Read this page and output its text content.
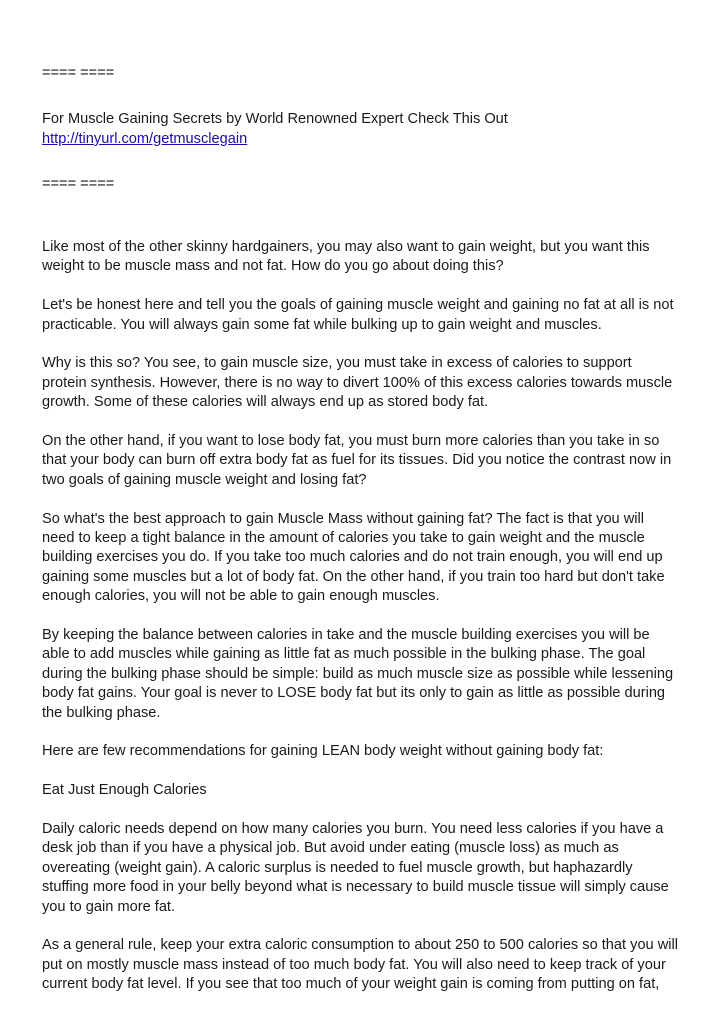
==== ====

For Muscle Gaining Secrets by World Renowned Expert Check This Out

http://tinyurl.com/getmusclegain

==== ====

Like most of the other skinny hardgainers, you may also want to gain weight, but you want this
weight to be muscle mass and not fat. How do you go about doing this?
Let's be honest here and tell you the goals of gaining muscle weight and gaining no fat at all is not
practicable. You will always gain some fat while bulking up to gain weight and muscles.
Why is this so? You see, to gain muscle size, you must take in excess of calories to support
protein synthesis. However, there is no way to divert 100% of this excess calories towards muscle
growth. Some of these calories will always end up as stored body fat.
On the other hand, if you want to lose body fat, you must burn more calories than you take in so
that your body can burn off extra body fat as fuel for its tissues. Did you notice the contrast now in
two goals of gaining muscle weight and losing fat?
So what's the best approach to gain Muscle Mass without gaining fat? The fact is that you will
need to keep a tight balance in the amount of calories you take to gain weight and the muscle
building exercises you do. If you take too much calories and do not train enough, you will end up
gaining some muscles but a lot of body fat. On the other hand, if you train too hard but don't take
enough calories, you will not be able to gain enough muscles.
By keeping the balance between calories in take and the muscle building exercises you will be
able to add muscles while gaining as little fat as much possible in the bulking phase. The goal
during the bulking phase should be simple: build as much muscle size as possible while lessening
body fat gains. Your goal is never to LOSE body fat but its only to gain as little as possible during
the bulking phase.
Here are few recommendations for gaining LEAN body weight without gaining body fat:
Eat Just Enough Calories
Daily caloric needs depend on how many calories you burn. You need less calories if you have a
desk job than if you have a physical job. But avoid under eating (muscle loss) as much as
overeating (weight gain). A caloric surplus is needed to fuel muscle growth, but haphazardly
stuffing more food in your belly beyond what is necessary to build muscle tissue will simply cause
you to gain more fat.
As a general rule, keep your extra caloric consumption to about 250 to 500 calories so that you will
put on mostly muscle mass instead of too much body fat. You will also need to keep track of your
current body fat level. If you see that too much of your weight gain is coming from putting on fat,
